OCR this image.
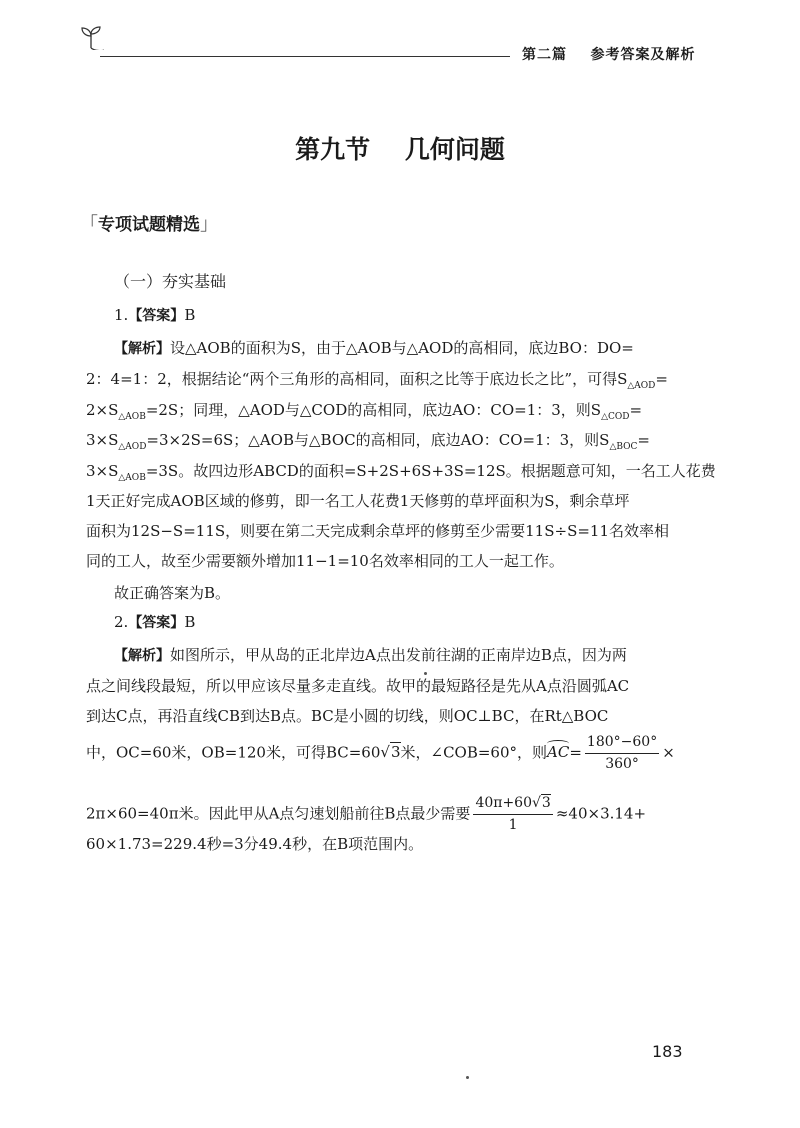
第二篇    参考答案及解析
第九节    几何问题
「专项试题精选」
（一）夯实基础
1.【答案】B
【解析】设△AOB的面积为S，由于△AOB与△AOD的高相同，底边BO：DO=
2：4=1：2，根据结论“两个三角形的高相同，面积之比等于底边长之比”，可得$S_{\triangle AOD}=$
$2\times S_{\triangle AOB}=2S$；同理，△AOD与△COD的高相同，底边AO：CO=1：3，则$S_{\triangle COD}=$
$3\times S_{\triangle AOD}=3\times 2S=6S$；△AOB与△BOC的高相同，底边AO：CO=1：3，则$S_{\triangle BOC}=$
$3\times S_{\triangle AOB}=3S$。故四边形ABCD的面积=S+2S+6S+3S=12S。根据题意可知，一名工人花费
1天正好完成AOB区域的修剪，即一名工人花费1天修剪的草坪面积为S，剩余草坪
面积为12S−S=11S，则要在第二天完成剩余草坪的修剪至少需要11S÷S=11名效率相
同的工人，故至少需要额外增加11−1=10名效率相同的工人一起工作。
故正确答案为B。
2.【答案】B
【解析】如图所示，甲从岛的正北岸边A点出发前往湖的正南岸边B点，因为两
点之间线段最短，所以甲应该尽量多走直线。故甲的最短路径是先从A点沿圆弧AC
到达C点，再沿直线CB到达B点。BC是小圆的切线，则OC⊥BC，在Rt△BOC
中，OC=60米，OB=120米，可得BC=60√3米，∠COB=60°，则$AC= \frac{180^\circ-60^\circ}{360^\circ}$ ×
2π×60=40π米。因此甲从A点匀速划船前往B点最少需要 $\frac{40\pi+60√3}{1} \approx 40\times 3.14+$
60×1.73=229.4秒=3分49.4秒，在B项范围内。
183
